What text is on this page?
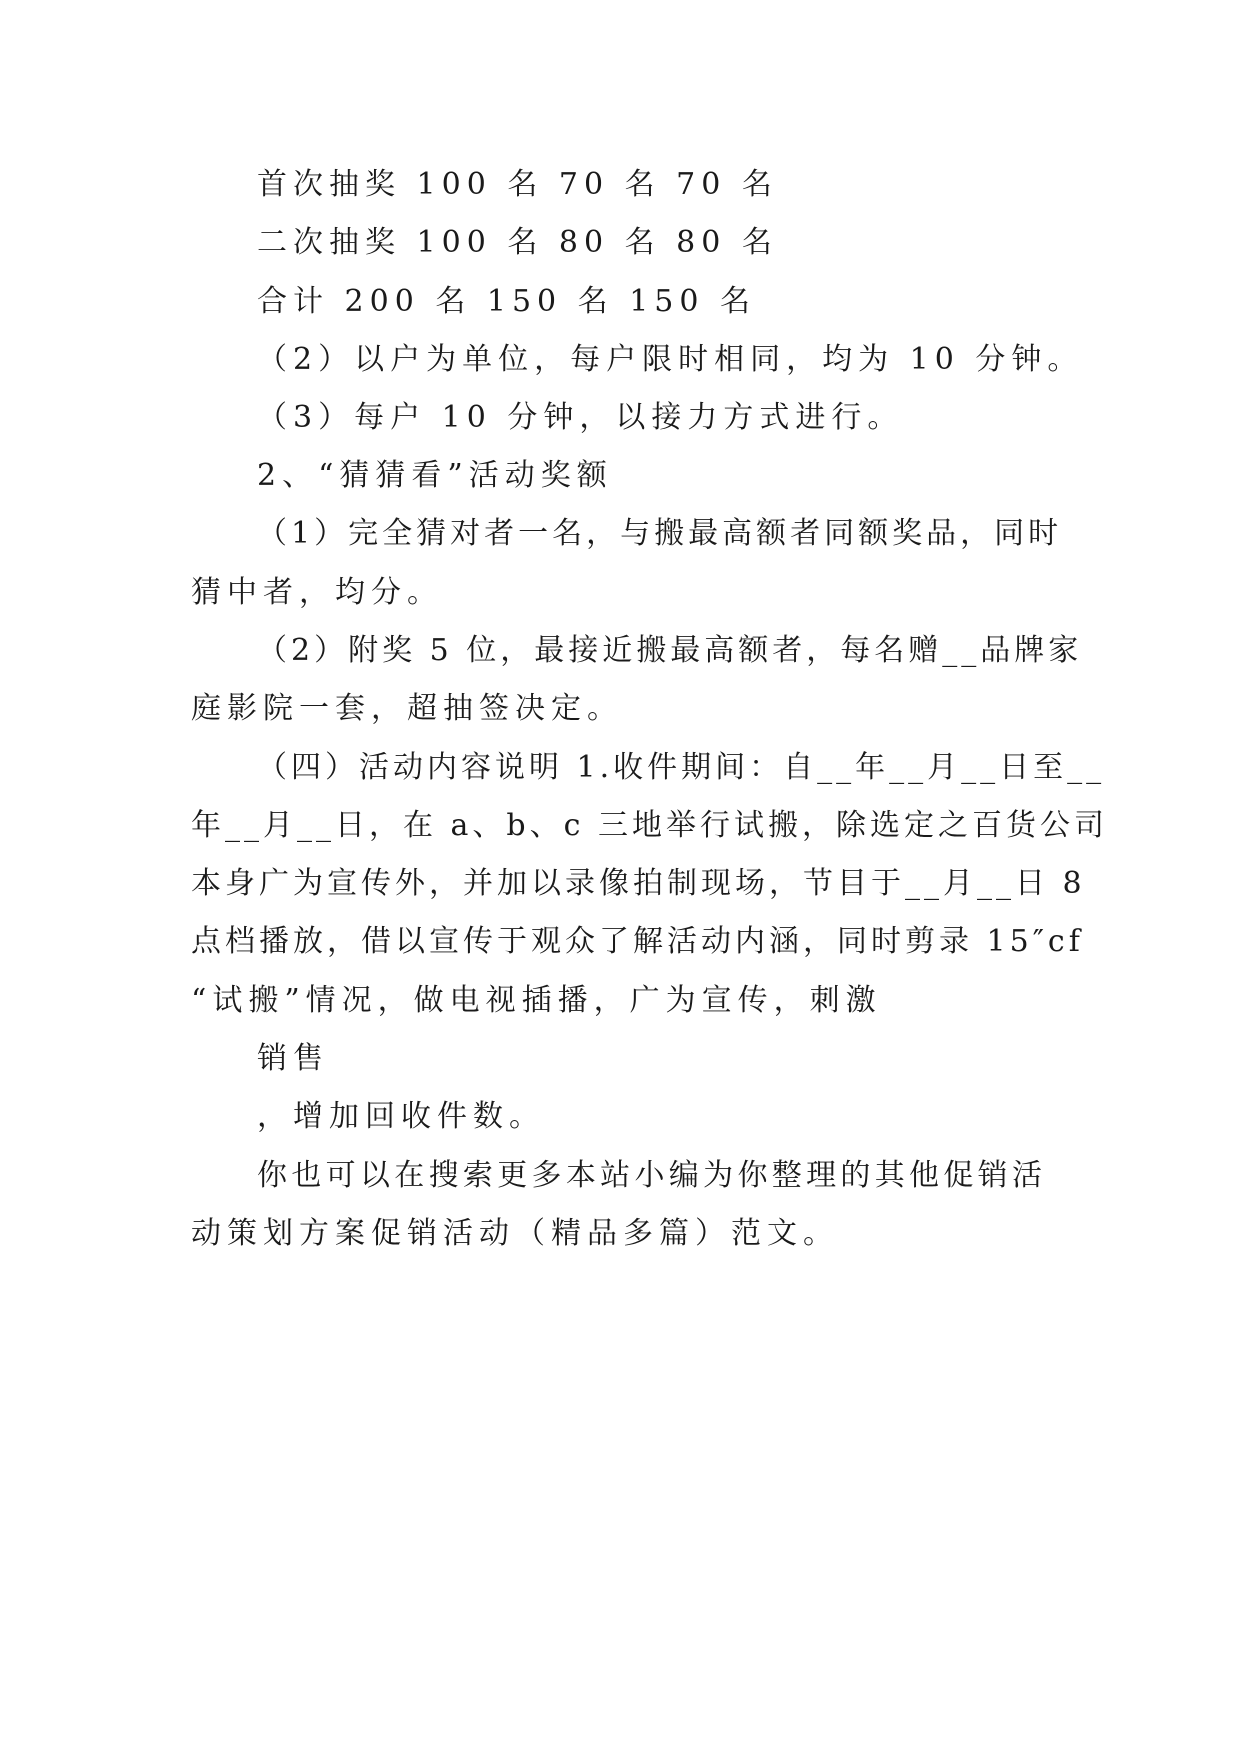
首次抽奖 100 名 70 名 70 名
二次抽奖 100 名 80 名 80 名
合计 200 名 150 名 150 名
（2）以户为单位，每户限时相同，均为 10 分钟。
（3）每户 10 分钟，以接力方式进行。
2、“猜猜看”活动奖额
（1）完全猜对者一名，与搬最高额者同额奖品，同时
猜中者，均分。
（2）附奖 5 位，最接近搬最高额者，每名赠__品牌家
庭影院一套，超抽签决定。
（四）活动内容说明 1.收件期间：自__年__月__日至__
年__月__日，在 a、b、c 三地举行试搬，除选定之百货公司
本身广为宣传外，并加以录像拍制现场，节目于__月__日 8
点档播放，借以宣传于观众了解活动内涵，同时剪录 15″cf
“试搬”情况，做电视插播，广为宣传，刺激
销售
，增加回收件数。
你也可以在搜索更多本站小编为你整理的其他促销活
动策划方案促销活动（精品多篇）范文。
